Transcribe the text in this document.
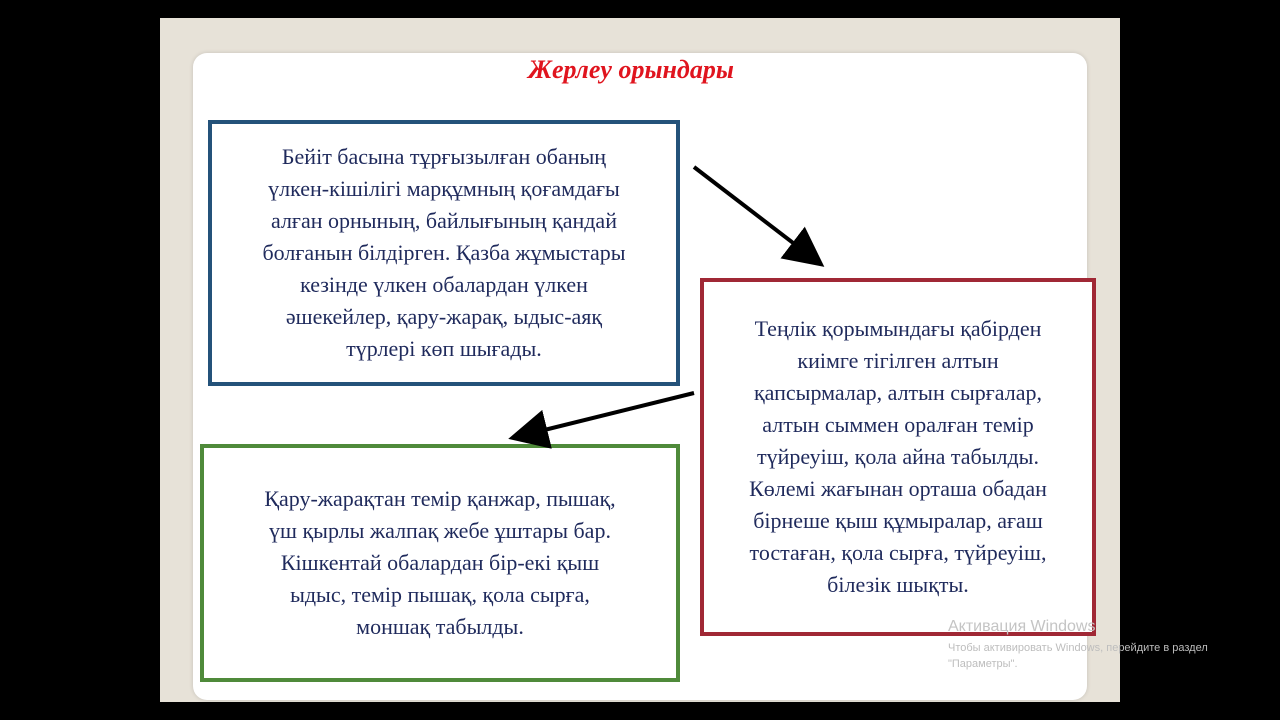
Жерлеу орындары
Бейіт басына тұрғызылған обаның
үлкен-кішілігі марқұмның қоғамдағы
алған орнының, байлығының қандай
болғанын білдірген. Қазба жұмыстары
кезінде үлкен обалардан үлкен
әшекейлер, қару-жарақ, ыдыс-аяқ
түрлері көп шығады.
Теңлік қорымындағы қабірден
киімге тігілген алтын
қапсырмалар, алтын сырғалар,
алтын сыммен оралған темір
түйреуіш, қола айна табылды.
Көлемі жағынан орташа обадан
бірнеше қыш құмыралар, ағаш
тостаған, қола сырға, түйреуіш,
білезік шықты.
Қару-жарақтан темір қанжар, пышақ,
үш қырлы жалпақ жебе ұштары бар.
Кішкентай обалардан бір-екі қыш
ыдыс, темір пышақ, қола сырға,
моншақ табылды.	Активация Windows
Чтобы активировать Windows, перейдите в раздел
"Параметры".
